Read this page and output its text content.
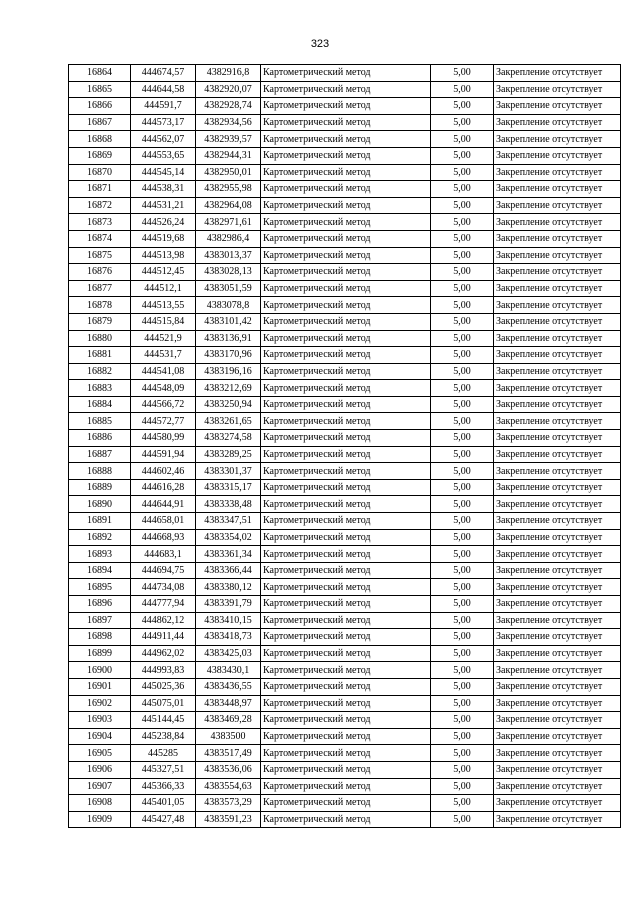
323
16864	444674,57	4382916,8	Картометрический метод	5,00	Закрепление отсутствует
16865	444644,58	4382920,07	Картометрический метод	5,00	Закрепление отсутствует
16866	444591,7	4382928,74	Картометрический метод	5,00	Закрепление отсутствует
16867	444573,17	4382934,56	Картометрический метод	5,00	Закрепление отсутствует
16868	444562,07	4382939,57	Картометрический метод	5,00	Закрепление отсутствует
16869	444553,65	4382944,31	Картометрический метод	5,00	Закрепление отсутствует
16870	444545,14	4382950,01	Картометрический метод	5,00	Закрепление отсутствует
16871	444538,31	4382955,98	Картометрический метод	5,00	Закрепление отсутствует
16872	444531,21	4382964,08	Картометрический метод	5,00	Закрепление отсутствует
16873	444526,24	4382971,61	Картометрический метод	5,00	Закрепление отсутствует
16874	444519,68	4382986,4	Картометрический метод	5,00	Закрепление отсутствует
16875	444513,98	4383013,37	Картометрический метод	5,00	Закрепление отсутствует
16876	444512,45	4383028,13	Картометрический метод	5,00	Закрепление отсутствует
16877	444512,1	4383051,59	Картометрический метод	5,00	Закрепление отсутствует
16878	444513,55	4383078,8	Картометрический метод	5,00	Закрепление отсутствует
16879	444515,84	4383101,42	Картометрический метод	5,00	Закрепление отсутствует
16880	444521,9	4383136,91	Картометрический метод	5,00	Закрепление отсутствует
16881	444531,7	4383170,96	Картометрический метод	5,00	Закрепление отсутствует
16882	444541,08	4383196,16	Картометрический метод	5,00	Закрепление отсутствует
16883	444548,09	4383212,69	Картометрический метод	5,00	Закрепление отсутствует
16884	444566,72	4383250,94	Картометрический метод	5,00	Закрепление отсутствует
16885	444572,77	4383261,65	Картометрический метод	5,00	Закрепление отсутствует
16886	444580,99	4383274,58	Картометрический метод	5,00	Закрепление отсутствует
16887	444591,94	4383289,25	Картометрический метод	5,00	Закрепление отсутствует
16888	444602,46	4383301,37	Картометрический метод	5,00	Закрепление отсутствует
16889	444616,28	4383315,17	Картометрический метод	5,00	Закрепление отсутствует
16890	444644,91	4383338,48	Картометрический метод	5,00	Закрепление отсутствует
16891	444658,01	4383347,51	Картометрический метод	5,00	Закрепление отсутствует
16892	444668,93	4383354,02	Картометрический метод	5,00	Закрепление отсутствует
16893	444683,1	4383361,34	Картометрический метод	5,00	Закрепление отсутствует
16894	444694,75	4383366,44	Картометрический метод	5,00	Закрепление отсутствует
16895	444734,08	4383380,12	Картометрический метод	5,00	Закрепление отсутствует
16896	444777,94	4383391,79	Картометрический метод	5,00	Закрепление отсутствует
16897	444862,12	4383410,15	Картометрический метод	5,00	Закрепление отсутствует
16898	444911,44	4383418,73	Картометрический метод	5,00	Закрепление отсутствует
16899	444962,02	4383425,03	Картометрический метод	5,00	Закрепление отсутствует
16900	444993,83	4383430,1	Картометрический метод	5,00	Закрепление отсутствует
16901	445025,36	4383436,55	Картометрический метод	5,00	Закрепление отсутствует
16902	445075,01	4383448,97	Картометрический метод	5,00	Закрепление отсутствует
16903	445144,45	4383469,28	Картометрический метод	5,00	Закрепление отсутствует
16904	445238,84	4383500	Картометрический метод	5,00	Закрепление отсутствует
16905	445285	4383517,49	Картометрический метод	5,00	Закрепление отсутствует
16906	445327,51	4383536,06	Картометрический метод	5,00	Закрепление отсутствует
16907	445366,33	4383554,63	Картометрический метод	5,00	Закрепление отсутствует
16908	445401,05	4383573,29	Картометрический метод	5,00	Закрепление отсутствует
16909	445427,48	4383591,23	Картометрический метод	5,00	Закрепление отсутствует
